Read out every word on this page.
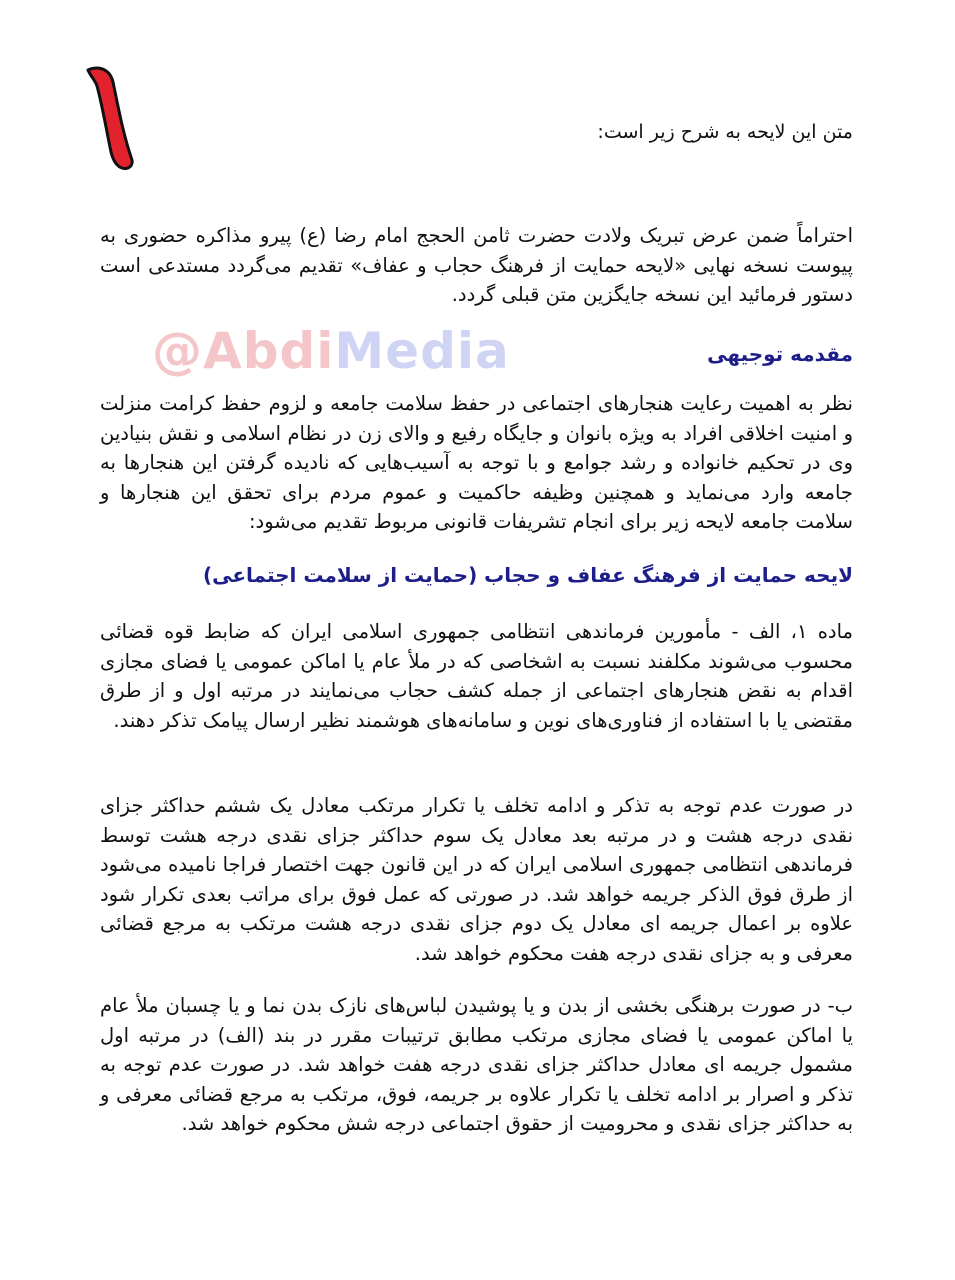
متن این لایحه به شرح زیر است:
احتراماً ضمن عرض تبریک ولادت حضرت ثامن الحجج امام رضا (ع) پیرو مذاکره حضوری به پیوست نسخه نهایی «لایحه حمایت از فرهنگ حجاب و عفاف» تقدیم می‌گردد مستدعی است دستور فرمائید این نسخه جایگزین متن قبلی گردد.
@AbdiMedia	مقدمه توجیهی
نظر به اهمیت رعایت هنجارهای اجتماعی در حفظ سلامت جامعه و لزوم حفظ کرامت منزلت و امنیت اخلاقی افراد به ویژه بانوان و جایگاه رفیع و والای زن در نظام اسلامی و نقش بنیادین وی در تحکیم خانواده و رشد جوامع و با توجه به آسیب‌هایی که نادیده گرفتن این هنجارها به جامعه وارد می‌نماید و همچنین وظیفه حاکمیت و عموم مردم برای تحقق این هنجارها و سلامت جامعه لایحه زیر برای انجام تشریفات قانونی مربوط تقدیم می‌شود:
لایحه حمایت از فرهنگ عفاف و حجاب (حمایت از سلامت اجتماعی)
ماده ۱، الف - مأمورین فرماندهی انتظامی جمهوری اسلامی ایران که ضابط قوه قضائی محسوب می‌شوند مکلفند نسبت به اشخاصی که در ملأ عام یا اماکن عمومی یا فضای مجازی اقدام به نقض هنجارهای اجتماعی از جمله کشف حجاب می‌نمایند در مرتبه اول و از طرق مقتضی یا با استفاده از فناوری‌های نوین و سامانه‌های هوشمند نظیر ارسال پیامک تذکر دهند.
در صورت عدم توجه به تذکر و ادامه تخلف یا تکرار مرتکب معادل یک ششم حداکثر جزای نقدی درجه هشت و در مرتبه بعد معادل یک سوم حداکثر جزای نقدی درجه هشت توسط فرماندهی انتظامی جمهوری اسلامی ایران که در این قانون جهت اختصار فراجا نامیده می‌شود از طرق فوق الذکر جریمه خواهد شد. در صورتی که عمل فوق برای مراتب بعدی تکرار شود علاوه بر اعمال جریمه ای معادل یک دوم جزای نقدی درجه هشت مرتکب به مرجع قضائی معرفی و به جزای نقدی درجه هفت محکوم خواهد شد.
ب- در صورت برهنگی بخشی از بدن و یا پوشیدن لباس‌های نازک بدن نما و یا چسبان ملأ عام یا اماکن عمومی یا فضای مجازی مرتکب مطابق ترتیبات مقرر در بند (الف) در مرتبه اول مشمول جریمه ای معادل حداکثر جزای نقدی درجه هفت خواهد شد. در صورت عدم توجه به تذکر و اصرار بر ادامه تخلف یا تکرار علاوه بر جریمه، فوق، مرتکب به مرجع قضائی معرفی و به حداکثر جزای نقدی و محرومیت از حقوق اجتماعی درجه شش محکوم خواهد شد.
